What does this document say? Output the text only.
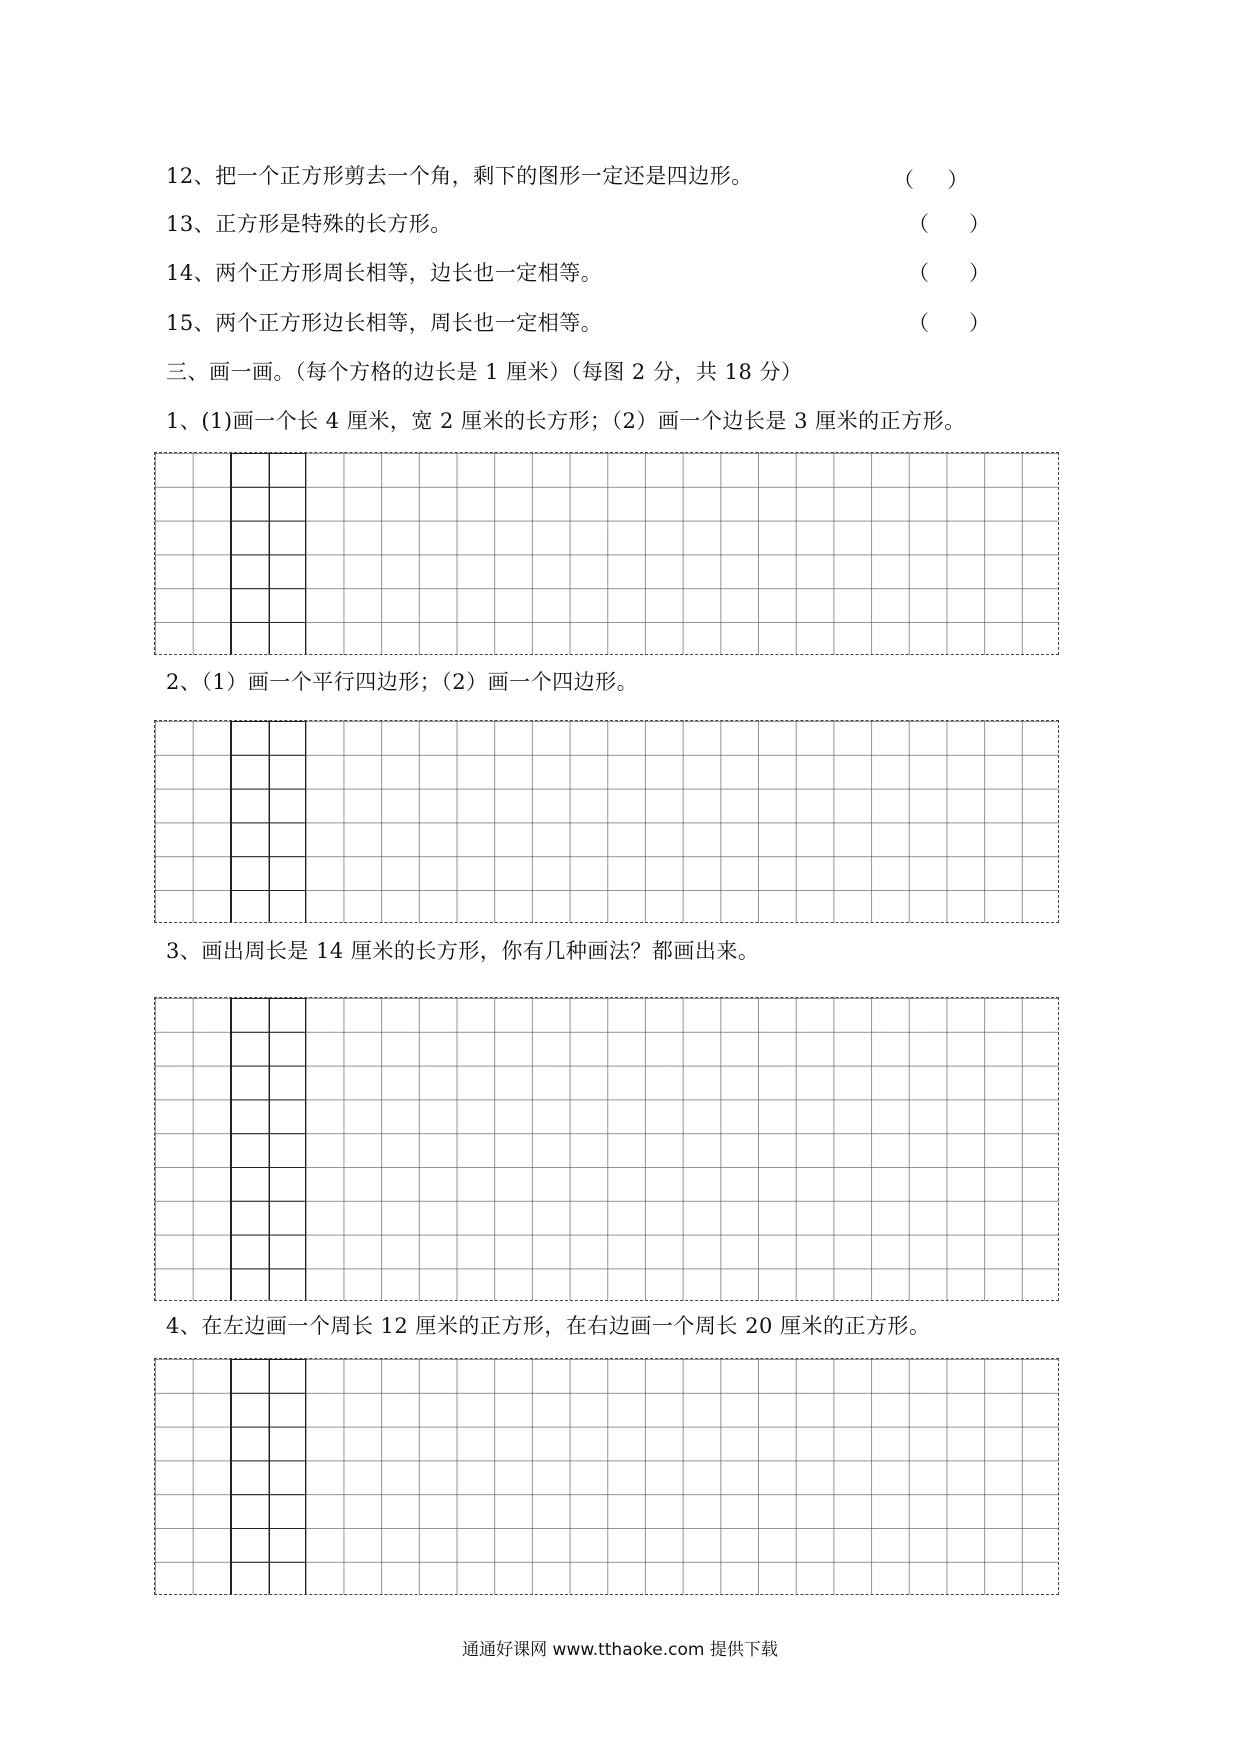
12、把一个正方形剪去一个角，剩下的图形一定还是四边形。	（     ）
13、正方形是特殊的长方形。	（      ）
14、两个正方形周长相等，边长也一定相等。	（      ）
15、两个正方形边长相等，周长也一定相等。	（      ）
三、画一画。（每个方格的边长是 1 厘米）（每图 2 分，共 18 分）
1、(1)画一个长 4 厘米，宽 2 厘米的长方形；（2）画一个边长是 3 厘米的正方形。
2、（1）画一个平行四边形；（2）画一个四边形。
3、画出周长是 14 厘米的长方形，你有几种画法？都画出来。
4、在左边画一个周长 12 厘米的正方形，在右边画一个周长 20 厘米的正方形。
通通好课网 www.tthaoke.com 提供下载
